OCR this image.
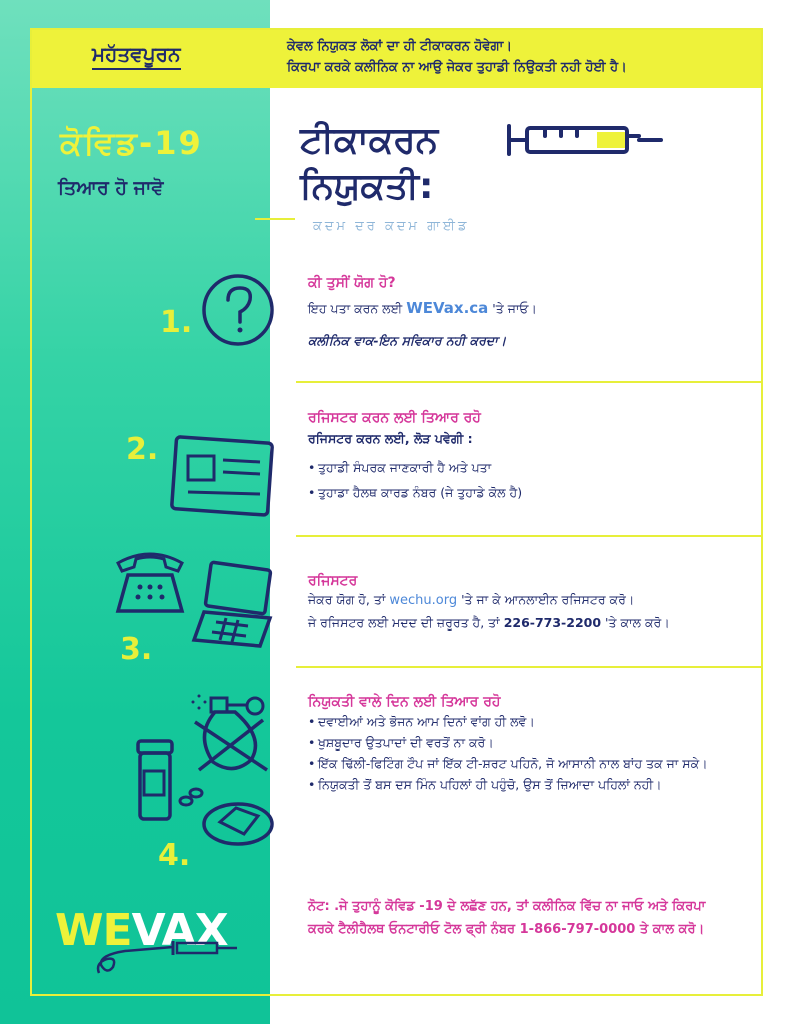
ਮਹੱਤਵਪੂਰਨ	ਕੇਵਲ ਨਿਯੁਕਤ ਲੋਕਾਂ ਦਾ ਹੀ ਟੀਕਾਕਰਨ ਹੋਵੇਗਾ।
ਕਿਰਪਾ ਕਰਕੇ ਕਲੀਨਿਕ ਨਾ ਆਉ ਜੇਕਰ ਤੁਹਾਡੀ ਨਿਉਕਤੀ ਨਹੀ ਹੋਈ ਹੈ।
ਕੋਵਿਡ-19
ਤਿਆਰ ਹੋ ਜਾਵੋ
ਟੀਕਾਕਰਨ
ਨਿਯੁਕਤੀ:
ਕਦਮ ਦਰ ਕਦਮ ਗਾਈਡ
1.
ਕੀ ਤੁਸੀਂ ਯੋਗ ਹੋ?
ਇਹ ਪਤਾ ਕਰਨ ਲਈ WEVax.ca 'ਤੇ ਜਾਓ।
ਕਲੀਨਿਕ ਵਾਕ-ਇਨ ਸਵਿਕਾਰ ਨਹੀ ਕਰਦਾ।
2.
ਰਜਿਸਟਰ ਕਰਨ ਲਈ ਤਿਆਰ ਰਹੋ
ਰਜਿਸਟਰ ਕਰਨ ਲਈ, ਲੋੜ ਪਵੇਗੀ :
• ਤੁਹਾਡੀ ਸੰਪਰਕ ਜਾਣਕਾਰੀ ਹੈ ਅਤੇ ਪਤਾ
• ਤੁਹਾਡਾ ਹੈਲਥ ਕਾਰਡ ਨੰਬਰ (ਜੇ ਤੁਹਾਡੇ ਕੋਲ ਹੈ)
3.
ਰਜਿਸਟਰ
ਜੇਕਰ ਯੋਗ ਹੋ, ਤਾਂ wechu.org 'ਤੇ ਜਾ ਕੇ ਆਨਲਾਈਨ ਰਜਿਸਟਰ ਕਰੋ।
ਜੇ ਰਜਿਸਟਰ ਲਈ ਮਦਦ ਦੀ ਜ਼ਰੂਰਤ ਹੈ, ਤਾਂ 226-773-2200 'ਤੇ ਕਾਲ ਕਰੋ।
4.
ਨਿਯੁਕਤੀ ਵਾਲੇ ਦਿਨ ਲਈ ਤਿਆਰ ਰਹੋ
• ਦਵਾਈਆਂ ਅਤੇ ਭੋਜਨ ਆਮ ਦਿਨਾਂ ਵਾਂਗ ਹੀ ਲਵੋ।
• ਖੁਸ਼ਬੂਦਾਰ ਉਤਪਾਦਾਂ ਦੀ ਵਰਤੋਂ ਨਾ ਕਰੋ।
• ਇੱਕ ਢਿੱਲੀ-ਫਿਟਿੰਗ ਟੌਪ ਜਾਂ ਇੱਕ ਟੀ-ਸ਼ਰਟ ਪਹਿਨੋ, ਜੋ ਆਸਾਨੀ ਨਾਲ ਬਾਂਹ ਤਕ ਜਾ ਸਕੇ।
• ਨਿਯੁਕਤੀ ਤੋਂ ਬਸ ਦਸ ਮਿੰਨ ਪਹਿਲਾਂ ਹੀ ਪਹੁੰਚੋ, ਉਸ ਤੋਂ ਜ਼ਿਆਦਾ ਪਹਿਲਾਂ ਨਹੀ।
ਨੋਟ: .ਜੇ ਤੁਹਾਨੂੰ ਕੋਵਿਡ -19 ਦੇ ਲਛੱਣ ਹਨ, ਤਾਂ ਕਲੀਨਿਕ ਵਿੱਚ ਨਾ ਜਾਓ ਅਤੇ ਕਿਰਪਾ ਕਰਕੇ ਟੈਲੀਹੈਲਥ ਓਨਟਾਰੀਓ ਟੋਲ ਫ੍ਰੀ ਨੰਬਰ 1-866-797-0000 ਤੇ ਕਾਲ ਕਰੋ।
WEVAX
